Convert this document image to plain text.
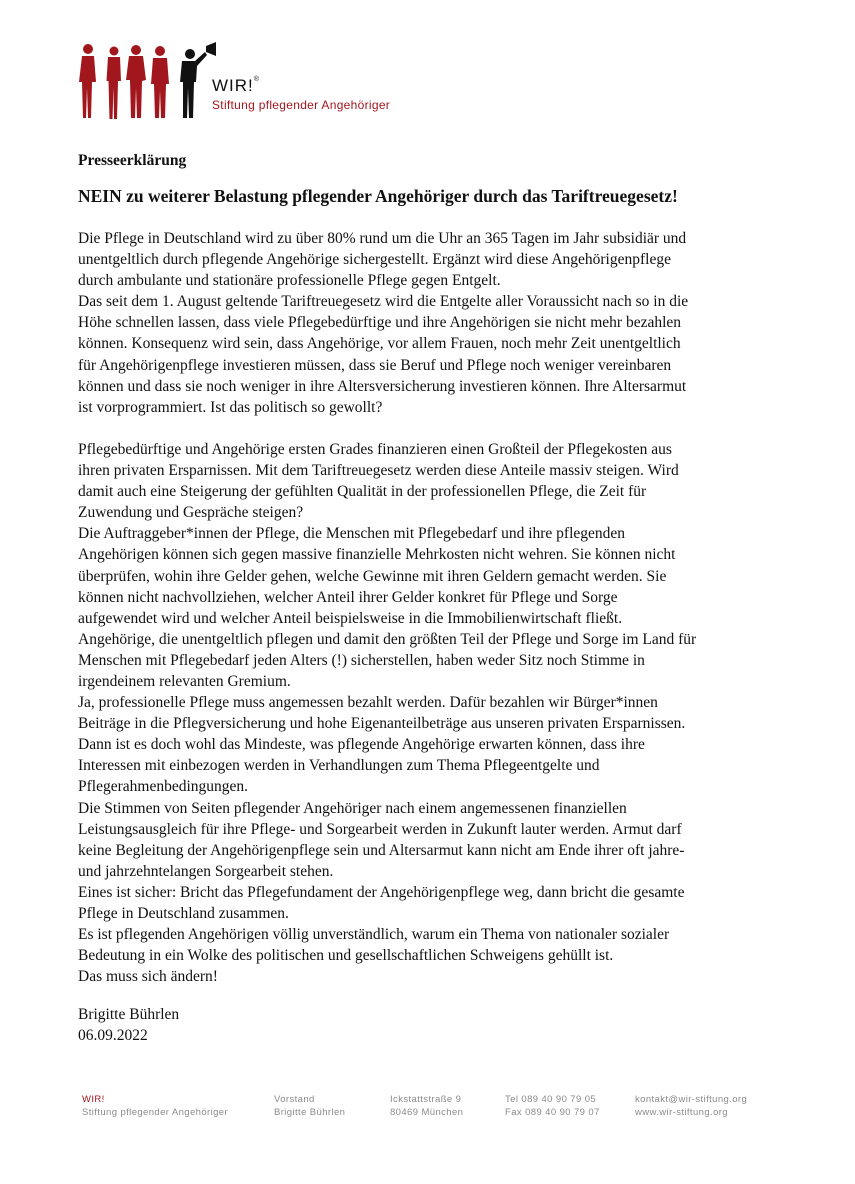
WIR!®
Stiftung pflegender Angehöriger

Presseerklärung

NEIN zu weiterer Belastung pflegender Angehöriger durch das Tariftreuegesetz!

Die Pflege in Deutschland wird zu über 80% rund um die Uhr an 365 Tagen im Jahr subsidiär und
unentgeltlich durch pflegende Angehörige sichergestellt. Ergänzt wird diese Angehörigenpflege
durch ambulante und stationäre professionelle Pflege gegen Entgelt.
Das seit dem 1. August geltende Tariftreuegesetz wird die Entgelte aller Voraussicht nach so in die
Höhe schnellen lassen, dass viele Pflegebedürftige und ihre Angehörigen sie nicht mehr bezahlen
können. Konsequenz wird sein, dass Angehörige, vor allem Frauen, noch mehr Zeit unentgeltlich
für Angehörigenpflege investieren müssen, dass sie Beruf und Pflege noch weniger vereinbaren
können und dass sie noch weniger in ihre Altersversicherung investieren können. Ihre Altersarmut
ist vorprogrammiert. Ist das politisch so gewollt?
Pflegebedürftige und Angehörige ersten Grades finanzieren einen Großteil der Pflegekosten aus
ihren privaten Ersparnissen. Mit dem Tariftreuegesetz werden diese Anteile massiv steigen. Wird
damit auch eine Steigerung der gefühlten Qualität in der professionellen Pflege, die Zeit für
Zuwendung und Gespräche steigen?
Die Auftraggeber*innen der Pflege, die Menschen mit Pflegebedarf und ihre pflegenden
Angehörigen können sich gegen massive finanzielle Mehrkosten nicht wehren. Sie können nicht
überprüfen, wohin ihre Gelder gehen, welche Gewinne mit ihren Geldern gemacht werden. Sie
können nicht nachvollziehen, welcher Anteil ihrer Gelder konkret für Pflege und Sorge
aufgewendet wird und welcher Anteil beispielsweise in die Immobilienwirtschaft fließt.
Angehörige, die unentgeltlich pflegen und damit den größten Teil der Pflege und Sorge im Land für
Menschen mit Pflegebedarf jeden Alters (!) sicherstellen, haben weder Sitz noch Stimme in
irgendeinem relevanten Gremium.
Ja, professionelle Pflege muss angemessen bezahlt werden. Dafür bezahlen wir Bürger*innen
Beiträge in die Pflegversicherung und hohe Eigenanteilbeträge aus unseren privaten Ersparnissen.
Dann ist es doch wohl das Mindeste, was pflegende Angehörige erwarten können, dass ihre
Interessen mit einbezogen werden in Verhandlungen zum Thema Pflegeentgelte und
Pflegerahmenbedingungen.
Die Stimmen von Seiten pflegender Angehöriger nach einem angemessenen finanziellen
Leistungsausgleich für ihre Pflege- und Sorgearbeit werden in Zukunft lauter werden. Armut darf
keine Begleitung der Angehörigenpflege sein und Altersarmut kann nicht am Ende ihrer oft jahre-
und jahrzehntelangen Sorgearbeit stehen.
Eines ist sicher: Bricht das Pflegefundament der Angehörigenpflege weg, dann bricht die gesamte
Pflege in Deutschland zusammen.
Es ist pflegenden Angehörigen völlig unverständlich, warum ein Thema von nationaler sozialer
Bedeutung in ein Wolke des politischen und gesellschaftlichen Schweigens gehüllt ist.
Das muss sich ändern!
Brigitte Bührlen
06.09.2022
WIR!
Stiftung pflegender Angehöriger
Vorstand
Brigitte Bührlen
Ickstattstraße 9
80469 München
Tel 089 40 90 79 05
Fax 089 40 90 79 07
kontakt@wir-stiftung.org
www.wir-stiftung.org
